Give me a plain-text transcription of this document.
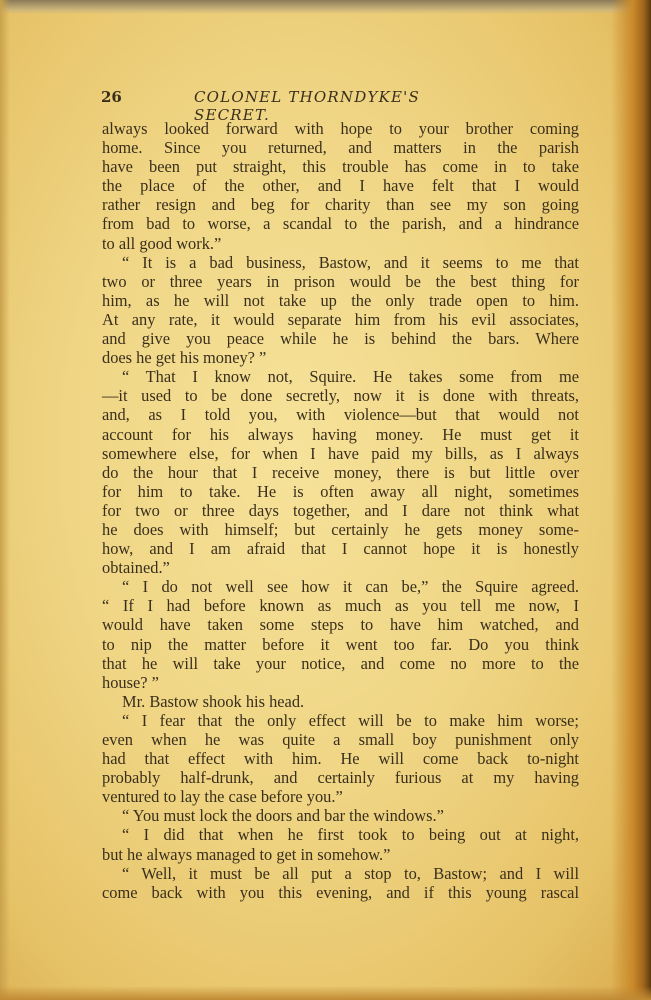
26	COLONEL THORNDYKE'S SECRET.
always looked forward with hope to your brother coming
home. Since you returned, and matters in the parish
have been put straight, this trouble has come in to take
the place of the other, and I have felt that I would
rather resign and beg for charity than see my son going
from bad to worse, a scandal to the parish, and a hindrance
to all good work.”
“ It is a bad business, Bastow, and it seems to me that
two or three years in prison would be the best thing for
him, as he will not take up the only trade open to him.
At any rate, it would separate him from his evil associates,
and give you peace while he is behind the bars. Where
does he get his money? ”
“ That I know not, Squire. He takes some from me
—it used to be done secretly, now it is done with threats,
and, as I told you, with violence—but that would not
account for his always having money. He must get it
somewhere else, for when I have paid my bills, as I always
do the hour that I receive money, there is but little over
for him to take. He is often away all night, sometimes
for two or three days together, and I dare not think what
he does with himself; but certainly he gets money some-
how, and I am afraid that I cannot hope it is honestly
obtained.”
“ I do not well see how it can be,” the Squire agreed.
“ If I had before known as much as you tell me now, I
would have taken some steps to have him watched, and
to nip the matter before it went too far. Do you think
that he will take your notice, and come no more to the
house? ”
Mr. Bastow shook his head.
“ I fear that the only effect will be to make him worse;
even when he was quite a small boy punishment only
had that effect with him. He will come back to-night
probably half-drunk, and certainly furious at my having
ventured to lay the case before you.”
“ You must lock the doors and bar the windows.”
“ I did that when he first took to being out at night,
but he always managed to get in somehow.”
“ Well, it must be all put a stop to, Bastow; and I will
come back with you this evening, and if this young rascal
